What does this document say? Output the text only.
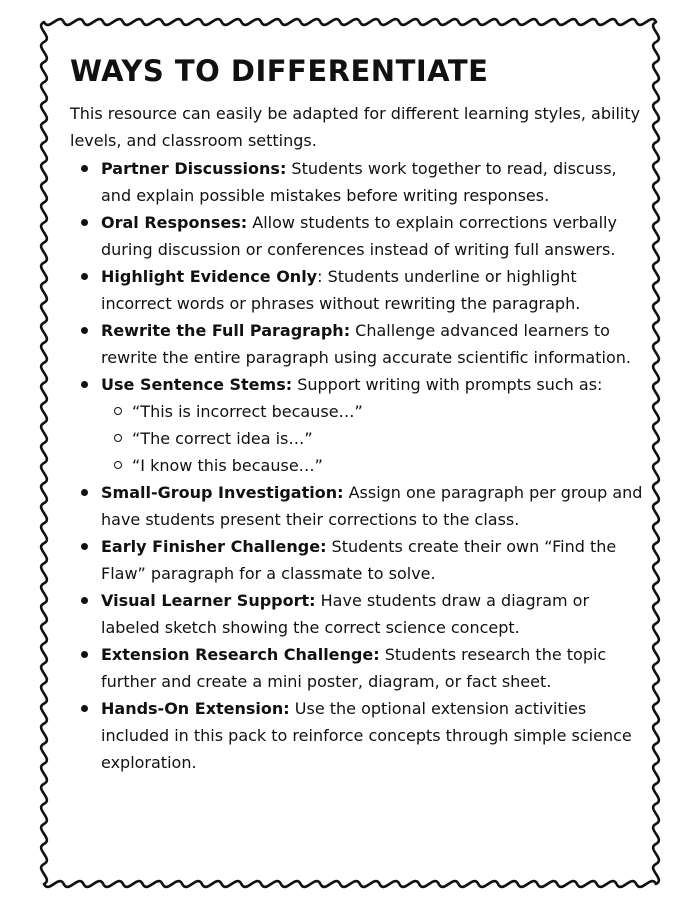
WAYS TO DIFFERENTIATE

This resource can easily be adapted for different learning styles, ability levels, and classroom settings.

Partner Discussions: Students work together to read, discuss, and explain possible mistakes before writing responses.
Oral Responses: Allow students to explain corrections verbally during discussion or conferences instead of writing full answers.
Highlight Evidence Only: Students underline or highlight incorrect words or phrases without rewriting the paragraph.
Rewrite the Full Paragraph: Challenge advanced learners to rewrite the entire paragraph using accurate scientific information.
Use Sentence Stems: Support writing with prompts such as:
“This is incorrect because…”
“The correct idea is…”
“I know this because…”
Small-Group Investigation: Assign one paragraph per group and have students present their corrections to the class.
Early Finisher Challenge: Students create their own “Find the Flaw” paragraph for a classmate to solve.
Visual Learner Support: Have students draw a diagram or labeled sketch showing the correct science concept.
Extension Research Challenge: Students research the topic further and create a mini poster, diagram, or fact sheet.
Hands-On Extension: Use the optional extension activities included in this pack to reinforce concepts through simple science exploration.
